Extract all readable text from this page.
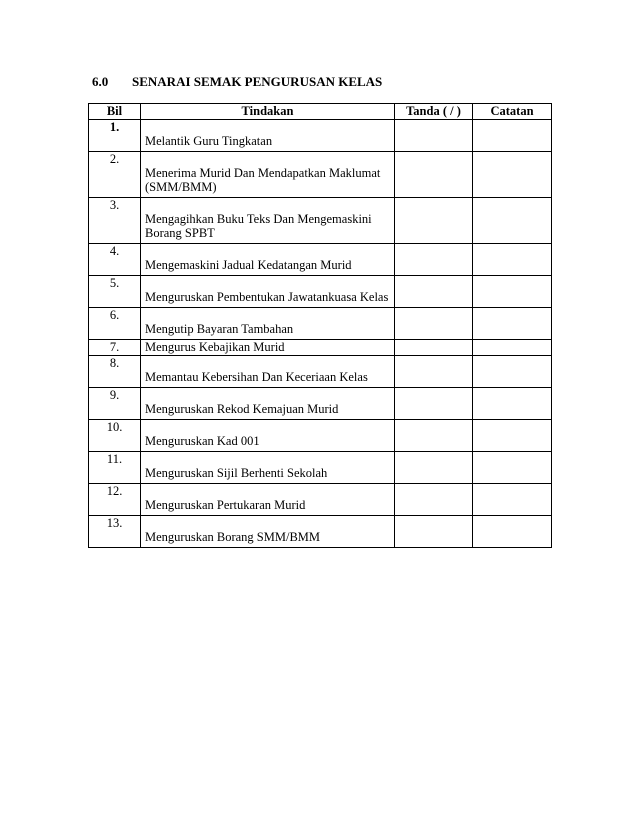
6.0 SENARAI SEMAK PENGURUSAN KELAS
Bil	Tindakan	Tanda ( / )	Catatan
1.	Melantik Guru Tingkatan		
2.	Menerima Murid Dan Mendapatkan Maklumat (SMM/BMM)		
3.	Mengagihkan Buku Teks Dan Mengemaskini Borang SPBT		
4.	Mengemaskini Jadual Kedatangan Murid		
5.	Menguruskan Pembentukan Jawatankuasa Kelas		
6.	Mengutip Bayaran Tambahan		
7.	Mengurus Kebajikan Murid		
8.	Memantau Kebersihan Dan Keceriaan Kelas		
9.	Menguruskan Rekod Kemajuan Murid		
10.	Menguruskan Kad 001		
11.	Menguruskan Sijil Berhenti Sekolah		
12.	Menguruskan Pertukaran Murid		
13.	Menguruskan Borang SMM/BMM		
